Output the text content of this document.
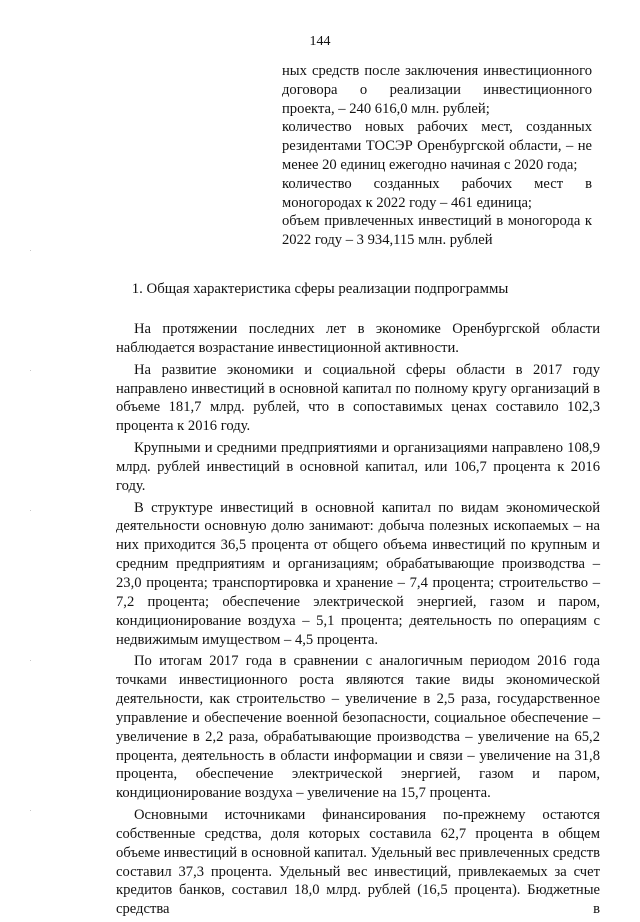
144

ных средств после заключения инвестиционного договора о реализации инвестиционного проекта, – 240 616,0 млн. рублей;

количество новых рабочих мест, созданных резидентами ТОСЭР Оренбургской области, – не менее 20 единиц ежегодно начиная с 2020 года;

количество созданных рабочих мест в моногородах к 2022 году – 461 единица;

объем привлеченных инвестиций в моногорода к 2022 году – 3 934,115 млн. рублей

1. Общая характеристика сферы реализации подпрограммы

На протяжении последних лет в экономике Оренбургской области наблюдается возрастание инвестиционной активности.

На развитие экономики и социальной сферы области в 2017 году направлено инвестиций в основной капитал по полному кругу организаций в объеме 181,7 млрд. рублей, что в сопоставимых ценах составило 102,3 процента к 2016 году.

Крупными и средними предприятиями и организациями направлено 108,9 млрд. рублей инвестиций в основной капитал, или 106,7 процента к 2016 году.

В структуре инвестиций в основной капитал по видам экономической деятельности основную долю занимают: добыча полезных ископаемых – на них приходится 36,5 процента от общего объема инвестиций по крупным и средним предприятиям и организациям; обрабатывающие производства – 23,0 процента; транспортировка и хранение – 7,4 процента; строительство – 7,2 процента; обеспечение электрической энергией, газом и паром, кондиционирование воздуха – 5,1 процента; деятельность по операциям с недвижимым имуществом – 4,5 процента.

По итогам 2017 года в сравнении с аналогичным периодом 2016 года точками инвестиционного роста являются такие виды экономической деятельности, как строительство – увеличение в 2,5 раза, государственное управление и обеспечение военной безопасности, социальное обеспечение – увеличение в 2,2 раза, обрабатывающие производства – увеличение на 65,2 процента, деятельность в области информации и связи – увеличение на 31,8 процента, обеспечение электрической энергией, газом и паром, кондиционирование воздуха – увеличение на 15,7 процента.

Основными источниками финансирования по-прежнему остаются собственные средства, доля которых составила 62,7 процента в общем объеме инвестиций в основной капитал. Удельный вес привлеченных средств составил 37,3 процента. Удельный вес инвестиций, привлекаемых за счет кредитов банков, составил 18,0 млрд. рублей (16,5 процента). Бюджетные средства в
